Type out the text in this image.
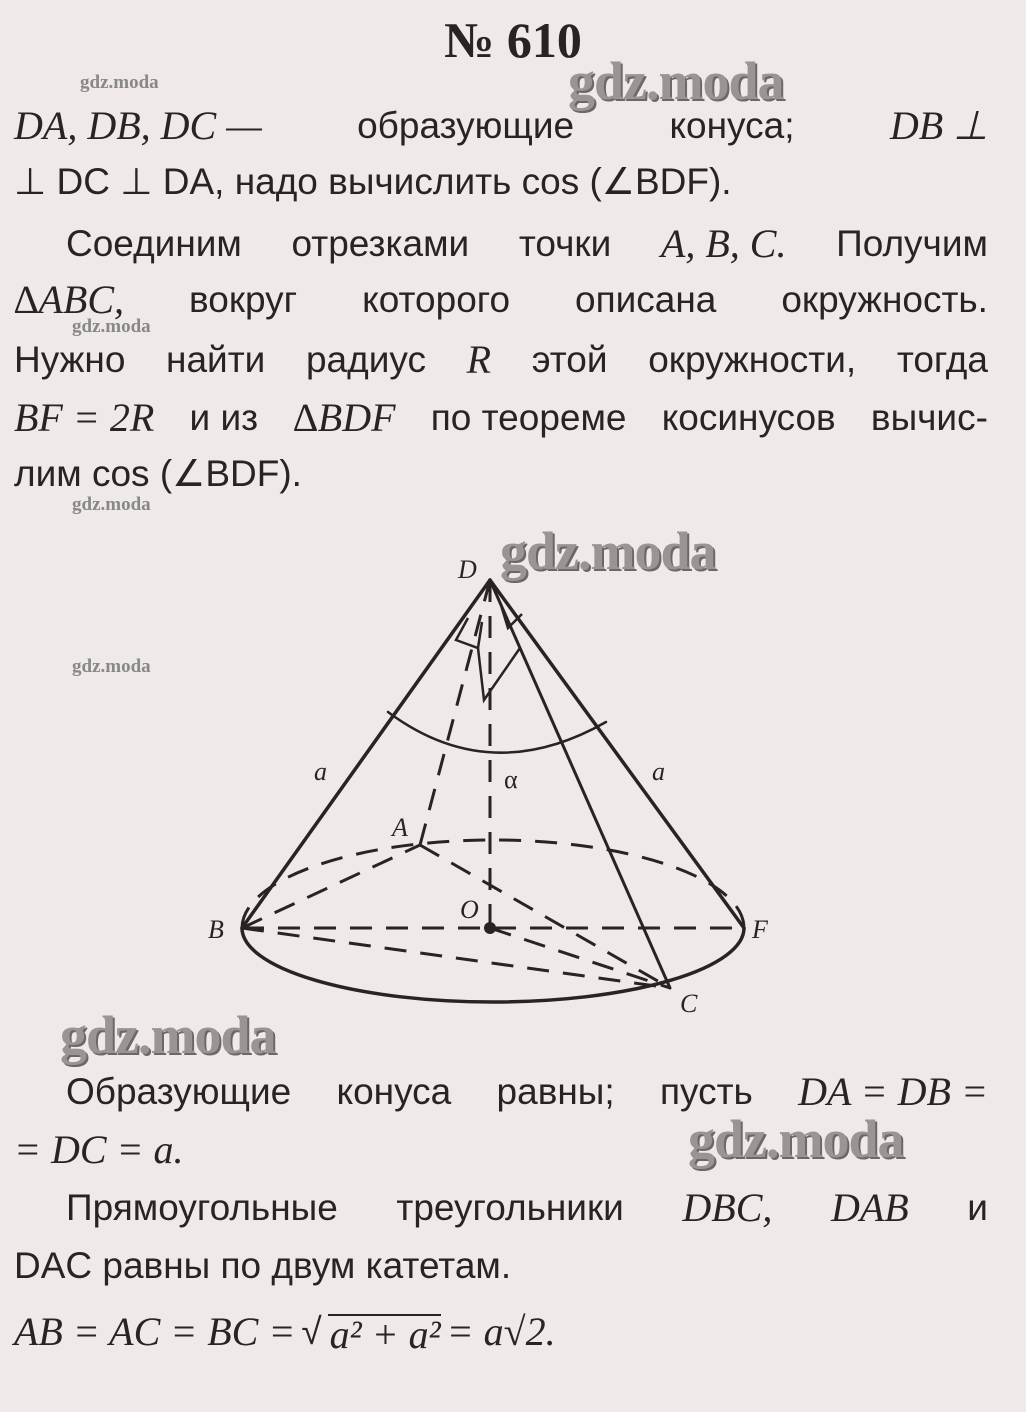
gdz.moda
gdz.moda
gdz.moda
gdz.moda
gdz.moda
gdz.moda
gdz.moda
gdz.moda
№ 610
DA, DB, DC —	образующие	конуса; DB ⊥
⊥ DC ⊥ DA, надо вычислить cos (∠BDF).
Соединим отрезками точки A, B, C. Получим
∆ABC, вокруг которого описана окружность.
Нужно найти радиус R этой окружности, тогда
BF = 2R и из ∆BDF по теореме косинусов вычис-
лим cos (∠BDF).
D
A
B
C
O
F
a	a
α
Образующие конуса равны; пусть DA = DB =
= DC = a.
Прямоугольные треугольники DBC, DAB и
DAC равны по двум катетам.
AB = AC = BC = √ a² + a² = a√2.
